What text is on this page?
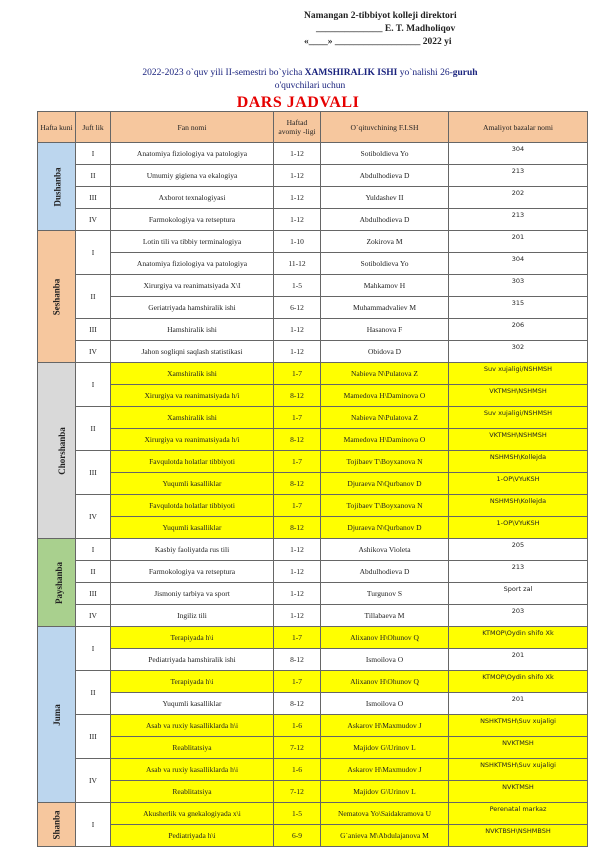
Namangan 2-tibbiyot kolleji direktori
______________ E. T. Madholiqov
«____» __________________ 2022 yi
2022-2023 o`quv yili II-semestri bo`yicha XAMSHIRALIK ISHI yo`nalishi 26-guruh
o'quvchilari uchun
DARS JADVALI
Hafta kuni	Juft lik	Fan nomi	Haftad avomiy -ligi	O`qituvchining F.I.SH	Amaliyot bazalar nomi
Dushanba	I	Anatomiya fiziologiya va patologiya	1-12	Sotiboldieva Yo	304
	II	Umumiy gigiena va ekalogiya	1-12	Abdulhodieva D	213
	III	Axborot texnalogiyasi	1-12	Yuldashev II	202
	IV	Farmokologiya va retseptura	1-12	Abdulhodieva D	213
Seshanba	I	Lotin tili va tibbiy terminalogiya	1-10	Zokirova M	201
		Anatomiya fiziologiya va patologiya	11-12	Sotiboldieva Yo	304
	II	Xirurgiya va reanimatsiyada X\I	1-5	Mahkamov H	303
		Geriatriyada hamshiralik ishi	6-12	Muhammadvaliev M	315
	III	Hamshiralik ishi	1-12	Hasanova F	206
	IV	Jahon sogliqni saqlash statistikasi	1-12	Obidova D	302
Chorshanba	I	Xamshiralik ishi	1-7	Nabieva N\Pulatova Z	Suv xujaligi/NSHMSH
		Xirurgiya va reanimatsiyada h/i	8-12	Mamedova H\Daminova O	VKTMSH\NSHMSH
	II	Xamshiralik ishi	1-7	Nabieva N\Pulatova Z	Suv xujaligi/NSHMSH
		Xirurgiya va reanimatsiyada h/i	8-12	Mamedova H\Daminova O	VKTMSH\NSHMSH
	III	Favqulotda holatlar tibbiyoti	1-7	Tojibaev T\Boyxanova N	NSHMSH\Kollejda
		Yuqumli kasalliklar	8-12	Djuraeva N\Qurbanov D	1-OP\VYuKSH
	IV	Favqulotda holatlar tibbiyoti	1-7	Tojibaev T\Boyxanova N	NSHMSH\Kollejda
		Yuqumli kasalliklar	8-12	Djuraeva N\Qurbanov D	1-OP\VYuKSH
Payshanba	I	Kasbiy faoliyatda rus tili	1-12	Ashikova Violeta	205
	II	Farmokologiya va retseptura	1-12	Abdulhodieva D	213
	III	Jismoniy tarbiya va sport	1-12	Turgunov S	Sport zal
	IV	Ingiliz tili	1-12	Tillabaeva M	203
Juma	I	Terapiyada h\i	1-7	Alixanov H\Ohunov Q	KTMOP\Oydin shifo Xk
		Pediatriyada hamshiralik ishi	8-12	Ismoilova O	201
	II	Terapiyada h\i	1-7	Alixanov H\Ohunov Q	KTMOP\Oydin shifo Xk
		Yuqumli kasalliklar	8-12	Ismoilova O	201
	III	Asab va ruxiy kasalliklarda h\i	1-6	Askarov H\Maxmudov J	NSHKTMSH\Suv xujaligi
		Reablitatsiya	7-12	Majidov G\Urinov L	NVKTMSH
	IV	Asab va ruxiy kasalliklarda h\i	1-6	Askarov H\Maxmudov J	NSHKTMSH\Suv xujaligi
		Reablitatsiya	7-12	Majidov G\Urinov L	NVKTMSH
Shanba	I	Akusherlik va gnekalogiyada x\i	1-5	Nematova Yo\Saidakramova U	Perenatal markaz
		Pediatriyada h\i	6-9	G`anieva M\Abdulajanova M	NVKTBSH\NSHMBSH
